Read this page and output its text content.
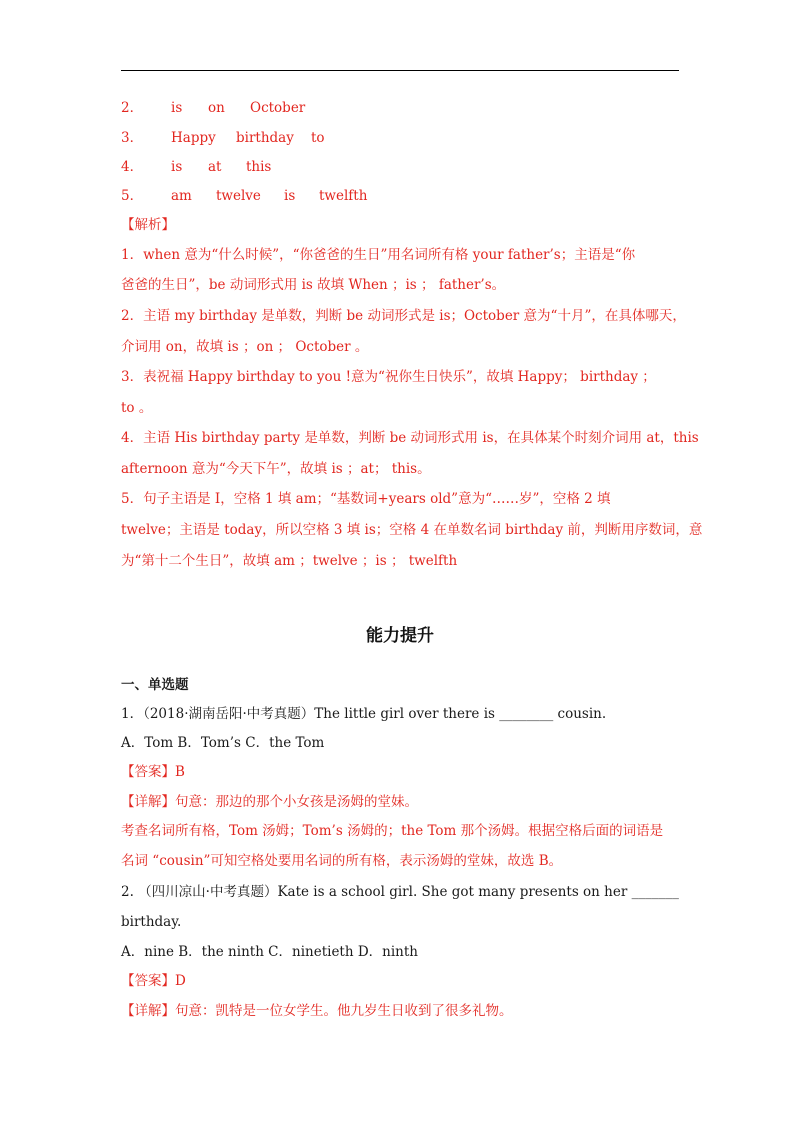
2． is on October
3． Happy birthday to
4． is at this
5． am twelve is twelfth
【解析】
1．when 意为“什么时候”，“你爸爸的生日”用名词所有格 your father’s；主语是“你
爸爸的生日”，be 动词形式用 is 故填 When ；is ； father’s。
2．主语 my birthday 是单数，判断 be 动词形式是 is；October 意为“十月”，在具体哪天，
介词用 on，故填 is ；on ； October 。
3．表祝福 Happy birthday to you !意为“祝你生日快乐”，故填 Happy； birthday ；
to 。
4．主语 His birthday party 是单数，判断 be 动词形式用 is，在具体某个时刻介词用 at，this
afternoon 意为“今天下午”，故填 is ；at； this。
5．句子主语是 I，空格 1 填 am；“基数词+years old”意为“……岁”，空格 2 填
twelve；主语是 today，所以空格 3 填 is；空格 4 在单数名词 birthday 前，判断用序数词，意
为“第十二个生日”，故填 am ；twelve ；is ； twelfth
能力提升
一、单选题
1．（2018·湖南岳阳·中考真题）The little girl over there is ________ cousin.
A．Tom B．Tom’s C．the Tom
【答案】B
【详解】句意：那边的那个小女孩是汤姆的堂妹。
考查名词所有格，Tom 汤姆；Tom’s 汤姆的；the Tom 那个汤姆。根据空格后面的词语是
名词 “cousin”可知空格处要用名词的所有格，表示汤姆的堂妹，故选 B。
2. （四川凉山·中考真题）Kate is a school girl. She got many presents on her _______
birthday.
A．nine B．the ninth C．ninetieth D．ninth
【答案】D
【详解】句意：凯特是一位女学生。他九岁生日收到了很多礼物。
